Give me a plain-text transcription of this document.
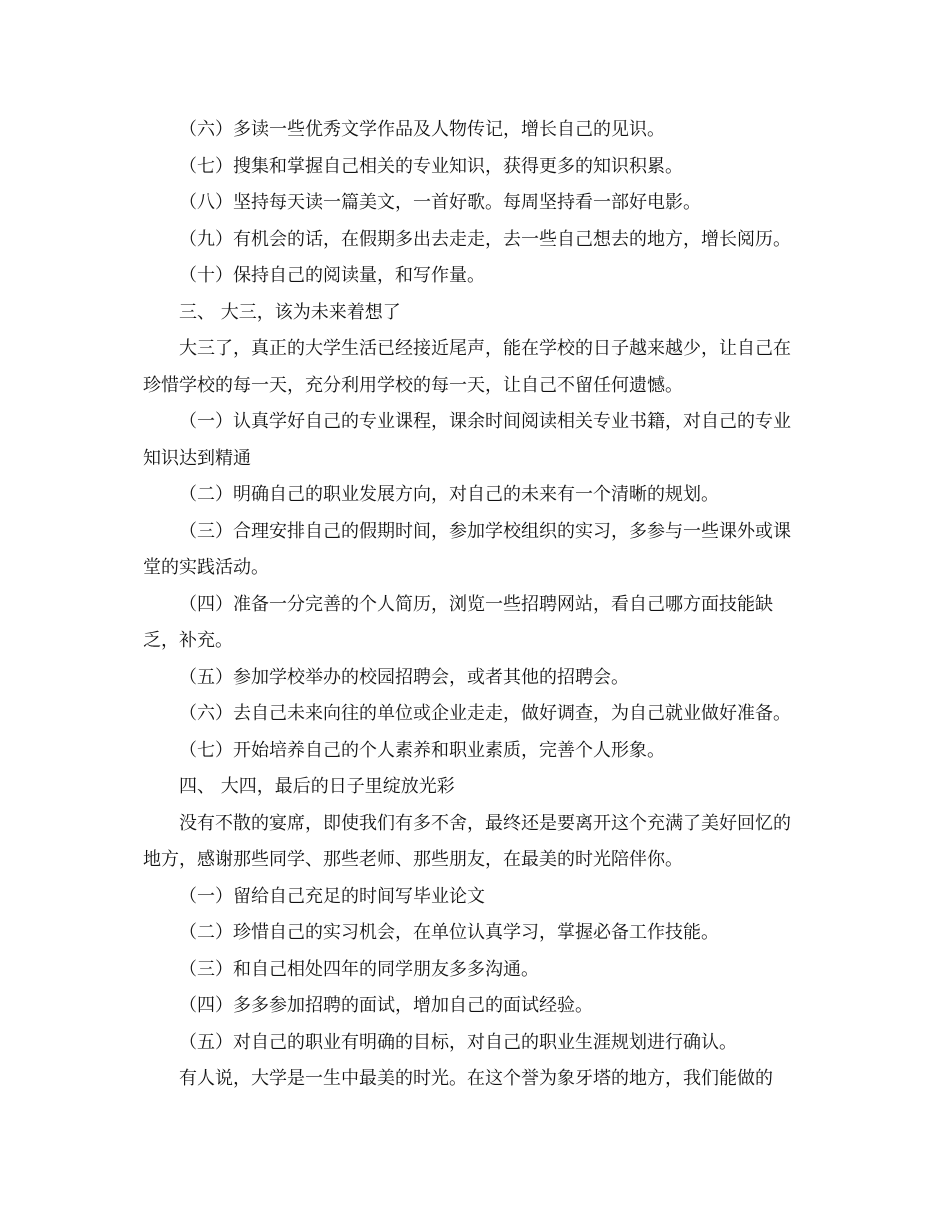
（六）多读一些优秀文学作品及人物传记，增长自己的见识。

（七）搜集和掌握自己相关的专业知识，获得更多的知识积累。

（八）坚持每天读一篇美文，一首好歌。每周坚持看一部好电影。

（九）有机会的话，在假期多出去走走，去一些自己想去的地方，增长阅历。

（十）保持自己的阅读量，和写作量。

三、 大三，该为未来着想了

大三了，真正的大学生活已经接近尾声，能在学校的日子越来越少，让自己在珍惜学校的每一天，充分利用学校的每一天，让自己不留任何遗憾。

（一）认真学好自己的专业课程，课余时间阅读相关专业书籍，对自己的专业知识达到精通

（二）明确自己的职业发展方向，对自己的未来有一个清晰的规划。

（三）合理安排自己的假期时间，参加学校组织的实习，多参与一些课外或课堂的实践活动。

（四）准备一分完善的个人简历，浏览一些招聘网站，看自己哪方面技能缺乏，补充。

（五）参加学校举办的校园招聘会，或者其他的招聘会。

（六）去自己未来向往的单位或企业走走，做好调查，为自己就业做好准备。

（七）开始培养自己的个人素养和职业素质，完善个人形象。

四、 大四，最后的日子里绽放光彩

没有不散的宴席，即使我们有多不舍，最终还是要离开这个充满了美好回忆的地方，感谢那些同学、那些老师、那些朋友，在最美的时光陪伴你。

（一）留给自己充足的时间写毕业论文

（二）珍惜自己的实习机会，在单位认真学习，掌握必备工作技能。

（三）和自己相处四年的同学朋友多多沟通。

（四）多多参加招聘的面试，增加自己的面试经验。

（五）对自己的职业有明确的目标，对自己的职业生涯规划进行确认。

有人说，大学是一生中最美的时光。在这个誉为象牙塔的地方，我们能做的
